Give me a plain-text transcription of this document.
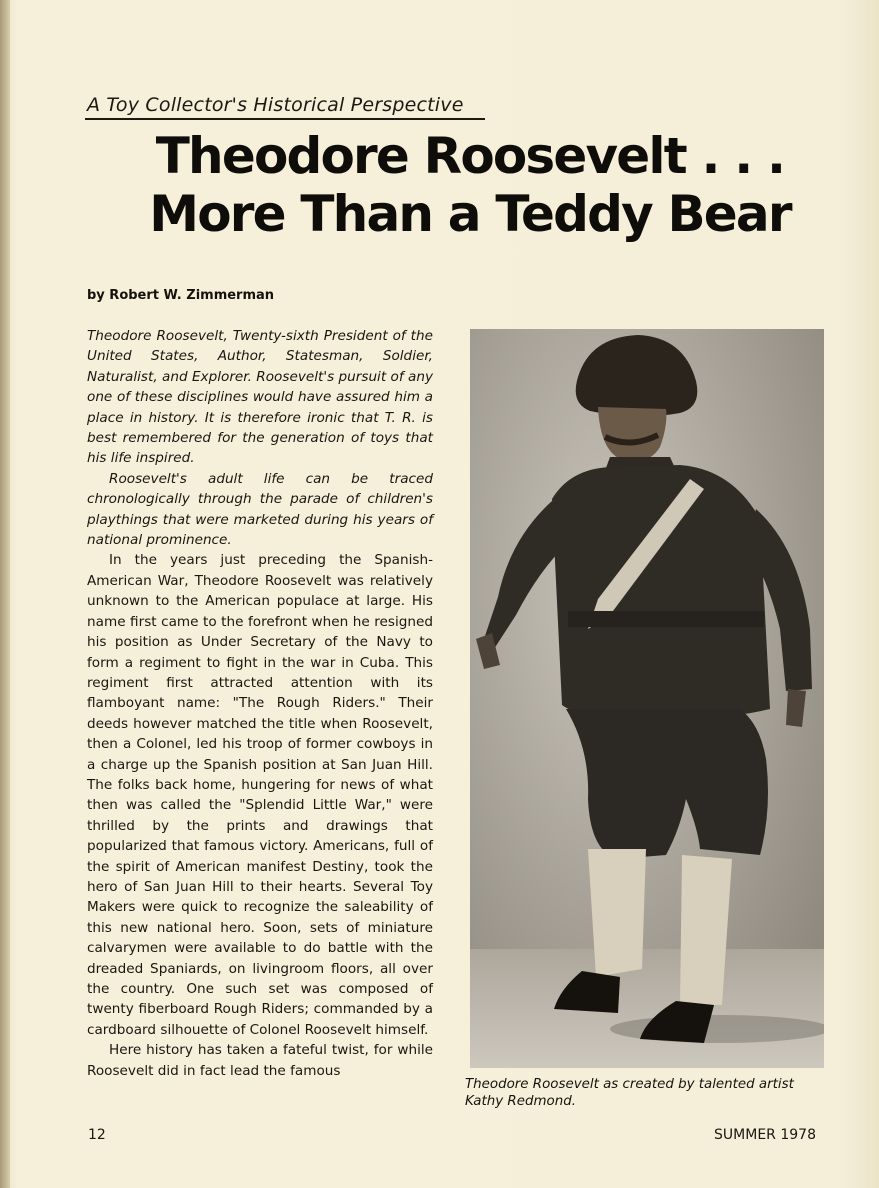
A Toy Collector's Historical Perspective
Theodore Roosevelt . . .
More Than a Teddy Bear
by Robert W. Zimmerman

Theodore Roosevelt, Twenty-sixth President of the United States, Author, Statesman, Soldier, Naturalist, and Explorer. Roosevelt's pursuit of any one of these disciplines would have assured him a place in history. It is therefore ironic that T. R. is best remembered for the generation of toys that his life inspired.

Roosevelt's adult life can be traced chronologically through the parade of children's playthings that were marketed during his years of national prominence.

In the years just preceding the Spanish-American War, Theodore Roosevelt was relatively unknown to the American populace at large. His name first came to the forefront when he resigned his position as Under Secretary of the Navy to form a regiment to fight in the war in Cuba. This regiment first attracted attention with its flamboyant name: "The Rough Riders." Their deeds however matched the title when Roosevelt, then a Colonel, led his troop of former cowboys in a charge up the Spanish position at San Juan Hill. The folks back home, hungering for news of what then was called the "Splendid Little War," were thrilled by the prints and drawings that popularized that famous victory. Americans, full of the spirit of American manifest Destiny, took the hero of San Juan Hill to their hearts. Several Toy Makers were quick to recognize the saleability of this new national hero. Soon, sets of miniature calvarymen were available to do battle with the dreaded Spaniards, on livingroom floors, all over the country. One such set was composed of twenty fiberboard Rough Riders; commanded by a cardboard silhouette of Colonel Roosevelt himself.

Here history has taken a fateful twist, for while Roosevelt did in fact lead the famous

Theodore Roosevelt as created by talented artist Kathy Redmond.
12	SUMMER 1978
